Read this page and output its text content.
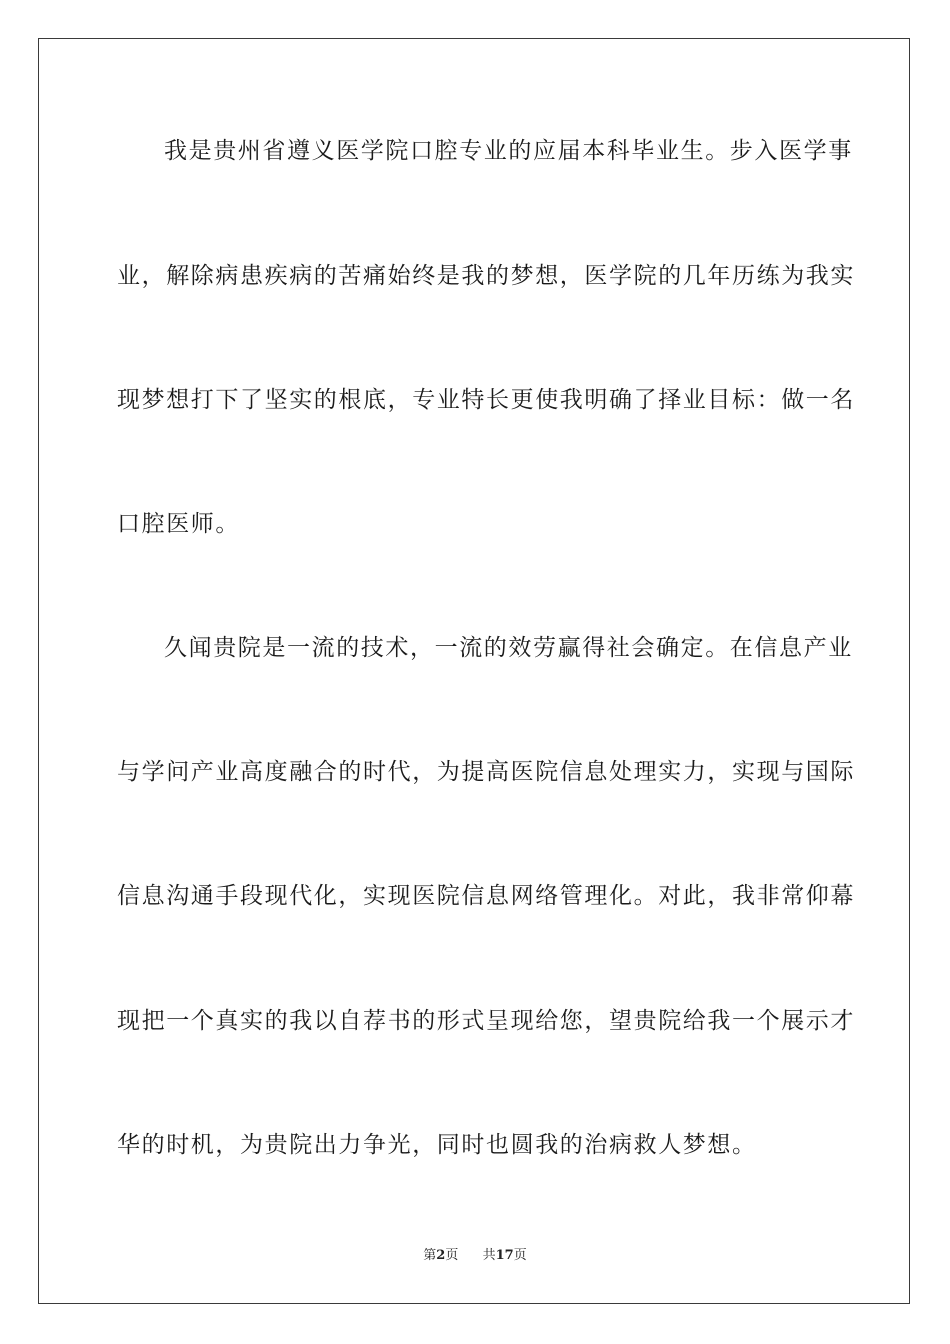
我是贵州省遵义医学院口腔专业的应届本科毕业生。步入医学事
业，解除病患疾病的苦痛始终是我的梦想，医学院的几年历练为我实
现梦想打下了坚实的根底，专业特长更使我明确了择业目标：做一名
口腔医师。
久闻贵院是一流的技术，一流的效劳赢得社会确定。在信息产业
与学问产业高度融合的时代，为提高医院信息处理实力，实现与国际
信息沟通手段现代化，实现医院信息网络管理化。对此，我非常仰幕
现把一个真实的我以自荐书的形式呈现给您，望贵院给我一个展示才
华的时机，为贵院出力争光，同时也圆我的治病救人梦想。
第2页 共17页
